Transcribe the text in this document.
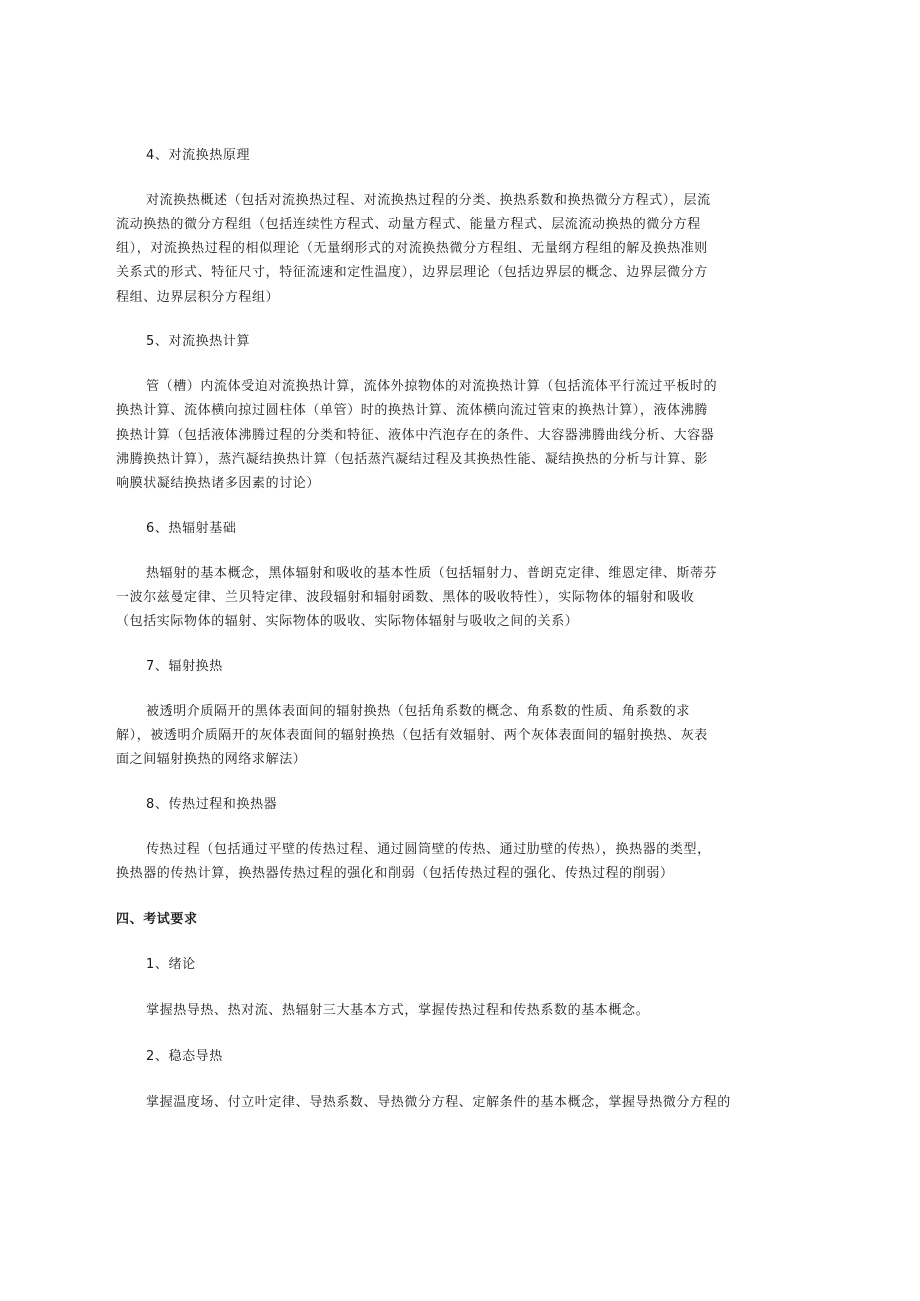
4、对流换热原理
对流换热概述（包括对流换热过程、对流换热过程的分类、换热系数和换热微分方程式），层流
流动换热的微分方程组（包括连续性方程式、动量方程式、能量方程式、层流流动换热的微分方程
组），对流换热过程的相似理论（无量纲形式的对流换热微分方程组、无量纲方程组的解及换热准则
关系式的形式、特征尺寸，特征流速和定性温度），边界层理论（包括边界层的概念、边界层微分方
程组、边界层积分方程组）
5、对流换热计算
管（槽）内流体受迫对流换热计算，流体外掠物体的对流换热计算（包括流体平行流过平板时的
换热计算、流体横向掠过圆柱体（单管）时的换热计算、流体横向流过管束的换热计算），液体沸腾
换热计算（包括液体沸腾过程的分类和特征、液体中汽泡存在的条件、大容器沸腾曲线分析、大容器
沸腾换热计算），蒸汽凝结换热计算（包括蒸汽凝结过程及其换热性能、凝结换热的分析与计算、影
响膜状凝结换热诸多因素的讨论）
6、热辐射基础
热辐射的基本概念，黑体辐射和吸收的基本性质（包括辐射力、普朗克定律、维恩定律、斯蒂芬
一波尔兹曼定律、兰贝特定律、波段辐射和辐射函数、黑体的吸收特性），实际物体的辐射和吸收
（包括实际物体的辐射、实际物体的吸收、实际物体辐射与吸收之间的关系）
7、辐射换热
被透明介质隔开的黑体表面间的辐射换热（包括角系数的概念、角系数的性质、角系数的求
解），被透明介质隔开的灰体表面间的辐射换热（包括有效辐射、两个灰体表面间的辐射换热、灰表
面之间辐射换热的网络求解法）
8、传热过程和换热器
传热过程（包括通过平壁的传热过程、通过圆筒壁的传热、通过肋壁的传热），换热器的类型，
换热器的传热计算，换热器传热过程的强化和削弱（包括传热过程的强化、传热过程的削弱）
四、考试要求
1、绪论
掌握热导热、热对流、热辐射三大基本方式，掌握传热过程和传热系数的基本概念。
2、稳态导热
掌握温度场、付立叶定律、导热系数、导热微分方程、定解条件的基本概念，掌握导热微分方程的
